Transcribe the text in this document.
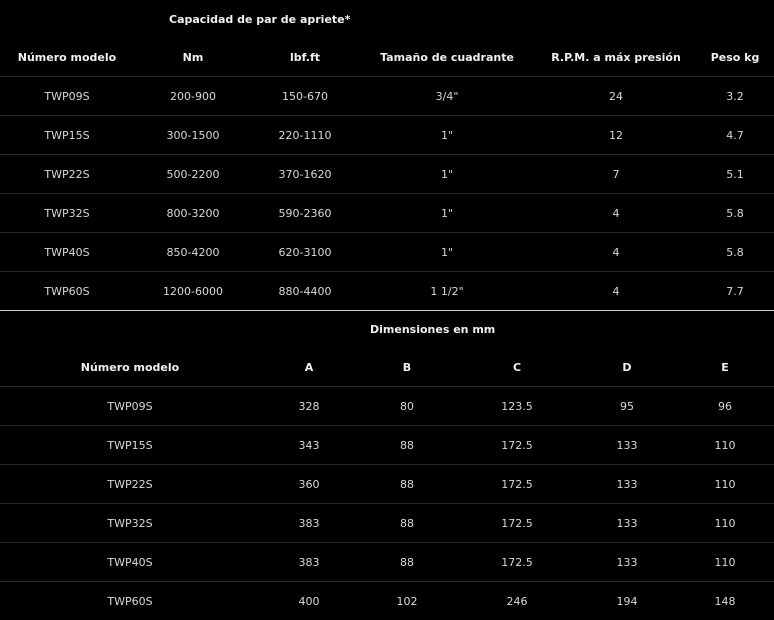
	Capacidad de par de apriete*				
Número modelo	Nm	lbf.ft	Tamaño de cuadrante	R.P.M. a máx presión	Peso kg
TWP09S	200-900	150-670	3/4"	24	3.2
TWP15S	300-1500	220-1110	1"	12	4.7
TWP22S	500-2200	370-1620	1"	7	5.1
TWP32S	800-3200	590-2360	1"	4	5.8
TWP40S	850-4200	620-3100	1"	4	5.8
TWP60S	1200-6000	880-4400	1 1/2"	4	7.7
		Dimensiones en mm			
Número modelo	A	B	C	D	E
TWP09S	328	80	123.5	95	96
TWP15S	343	88	172.5	133	110
TWP22S	360	88	172.5	133	110
TWP32S	383	88	172.5	133	110
TWP40S	383	88	172.5	133	110
TWP60S	400	102	246	194	148
